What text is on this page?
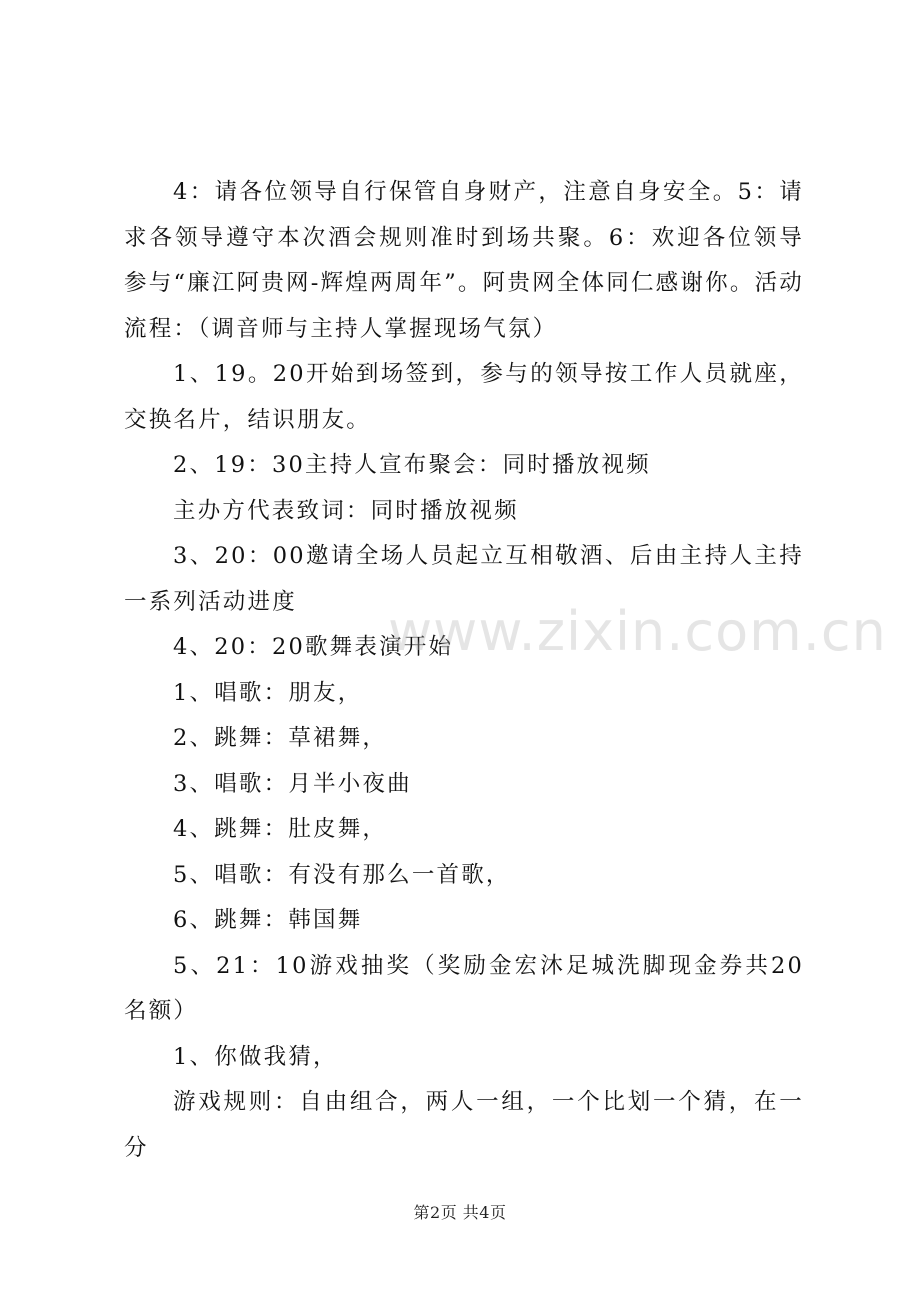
4：请各位领导自行保管自身财产，注意自身安全。5：请求各领导遵守本次酒会规则准时到场共聚。6：欢迎各位领导参与“廉江阿贵网-辉煌两周年”。阿贵网全体同仁感谢你。活动流程：（调音师与主持人掌握现场气氛）

1、19。20开始到场签到，参与的领导按工作人员就座，交换名片，结识朋友。

2、19：30主持人宣布聚会：同时播放视频

主办方代表致词：同时播放视频

3、20：00邀请全场人员起立互相敬酒、后由主持人主持一系列活动进度

4、20：20歌舞表演开始

1、唱歌：朋友，

2、跳舞：草裙舞，

3、唱歌：月半小夜曲

4、跳舞：肚皮舞，

5、唱歌：有没有那么一首歌，

6、跳舞：韩国舞

5、21：10游戏抽奖（奖励金宏沐足城洗脚现金券共20名额）

1、你做我猜，

游戏规则：自由组合，两人一组，一个比划一个猜，在一分

www.zixin.com.cn
第2页 共4页
